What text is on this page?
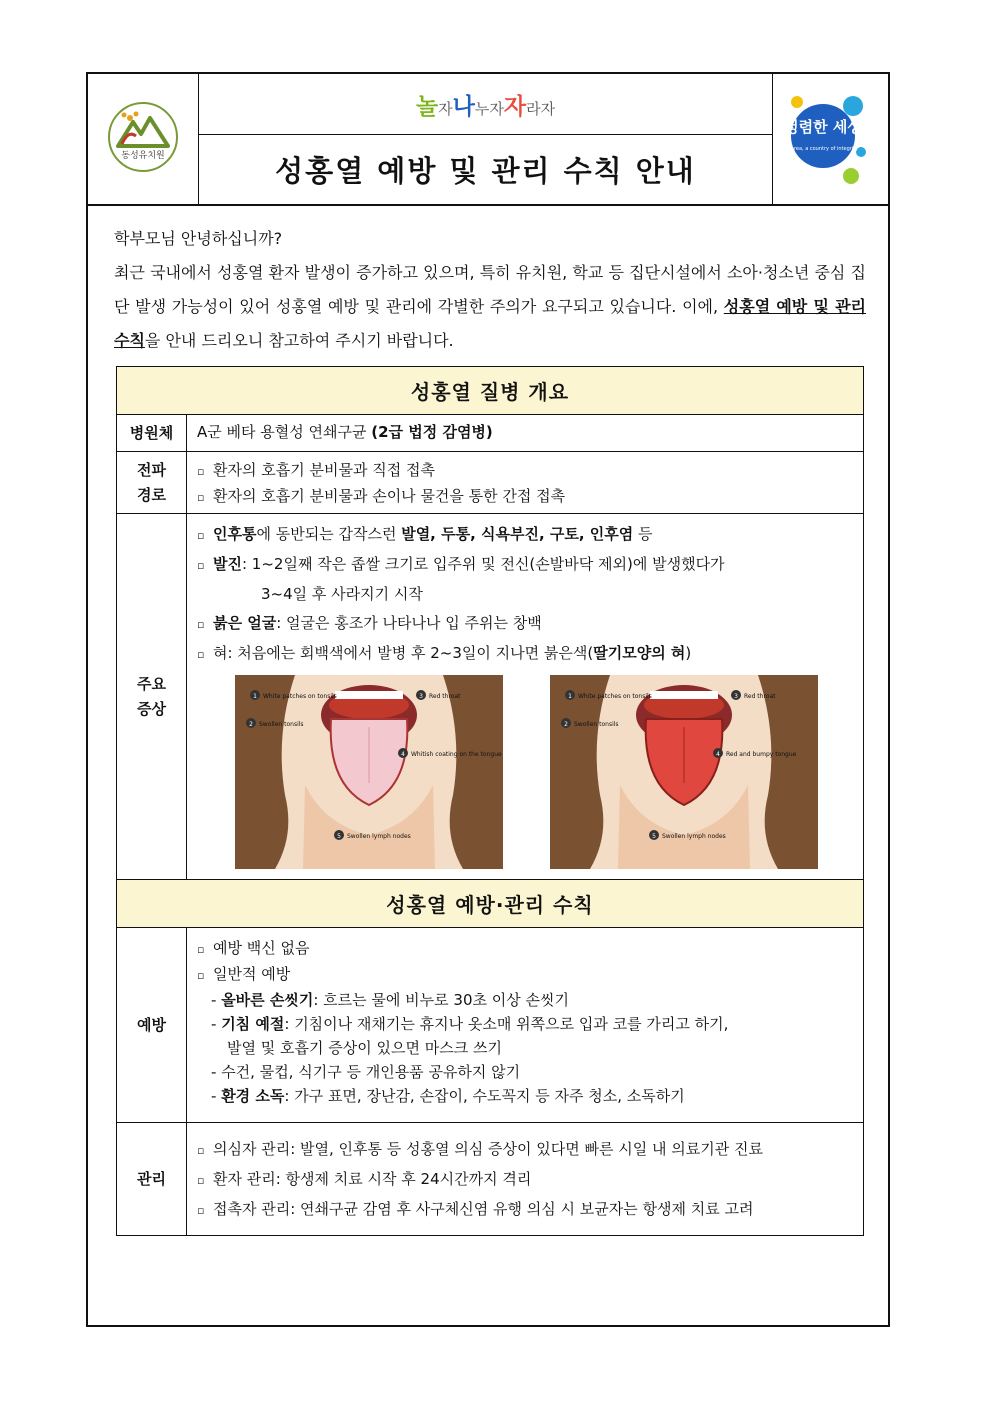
동성유치원
놀 자 나 누자 자 라자
성홍열 예방 및 관리 수칙 안내
청렴한 세상
Korea, a country of integrity

학부모님 안녕하십니까?

최근 국내에서 성홍열 환자 발생이 증가하고 있으며, 특히 유치원, 학교 등 집단시설에서 소아·청소년 중심 집단 발생 가능성이 있어 성홍열 예방 및 관리에 각별한 주의가 요구되고 있습니다. 이에, 성홍열 예방 및 관리 수칙을 안내 드리오니 참고하여 주시기 바랍니다.

성홍열 질병 개요
병원체	A군 베타 용혈성 연쇄구균 (2급 법정 감염병)
전파
경로
▫ 환자의 호흡기 분비물과 직접 접촉
▫ 환자의 호흡기 분비물과 손이나 물건을 통한 간접 접촉
주요
증상
▫ 인후통에 동반되는 갑작스런 발열, 두통, 식욕부진, 구토, 인후염 등
▫ 발진: 1~2일째 작은 좁쌀 크기로 입주위 및 전신(손발바닥 제외)에 발생했다가
3~4일 후 사라지기 시작
▫ 붉은 얼굴: 얼굴은 홍조가 나타나나 입 주위는 창백
▫ 혀: 처음에는 회백색에서 발병 후 2~3일이 지나면 붉은색(딸기모양의 혀)
1 White patches on tonsils
2 Swollen tonsils
3 Red throat
4 Whitish coating on the tongue
5 Swollen lymph nodes
1 White patches on tonsils
2 Swollen tonsils
3 Red throat
4 Red and bumpy tongue
5 Swollen lymph nodes
성홍열 예방·관리 수칙
예방
▫ 예방 백신 없음
▫ 일반적 예방
- 올바른 손씻기: 흐르는 물에 비누로 30초 이상 손씻기
- 기침 예절: 기침이나 재채기는 휴지나 옷소매 위쪽으로 입과 코를 가리고 하기,
발열 및 호흡기 증상이 있으면 마스크 쓰기
- 수건, 물컵, 식기구 등 개인용품 공유하지 않기
- 환경 소독: 가구 표면, 장난감, 손잡이, 수도꼭지 등 자주 청소, 소독하기
관리
▫ 의심자 관리: 발열, 인후통 등 성홍열 의심 증상이 있다면 빠른 시일 내 의료기관 진료
▫ 환자 관리: 항생제 치료 시작 후 24시간까지 격리
▫ 접촉자 관리: 연쇄구균 감염 후 사구체신염 유행 의심 시 보균자는 항생제 치료 고려
